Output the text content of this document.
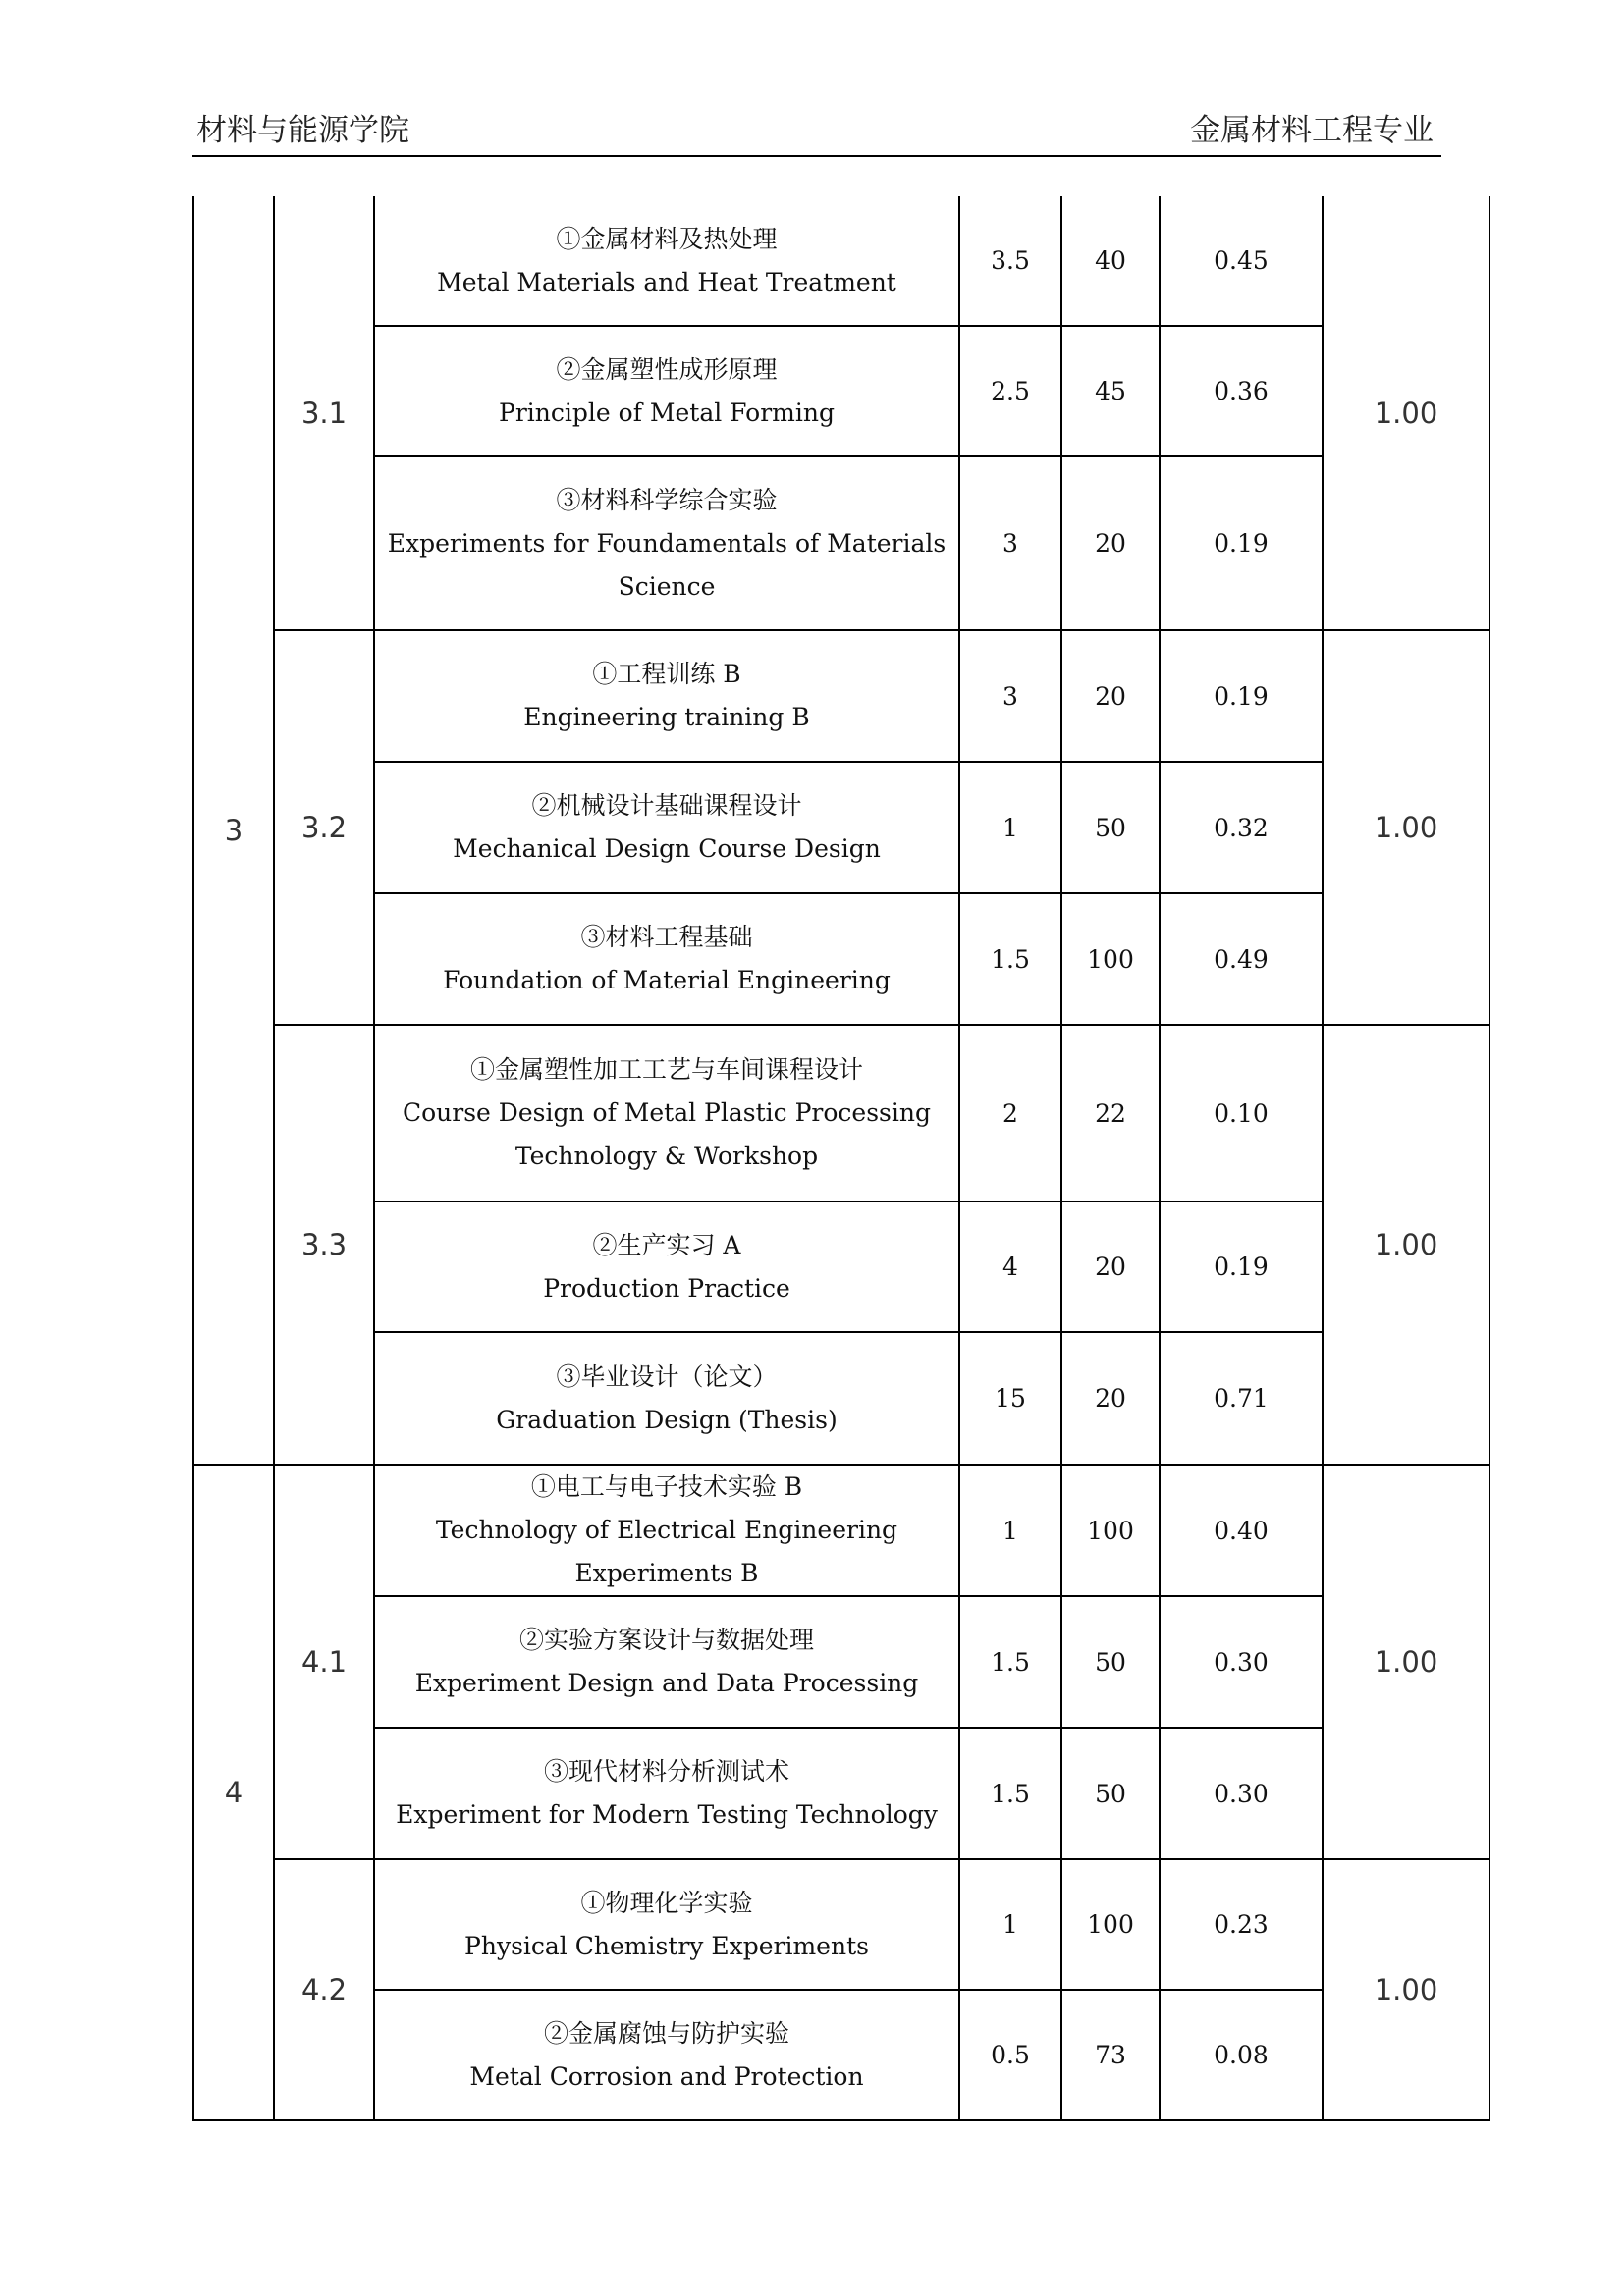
材料与能源学院	金属材料工程专业
3	3.1	①金属材料及热处理
Metal Materials and Heat Treatment	3.5	40	0.45	1.00

		②金属塑性成形原理
Principle of Metal Forming	2.5	45	0.36	

		③材料科学综合实验
Experiments for Foundamentals of Materials Science	3	20	0.19	
	3.2	①工程训练 B
Engineering training B	3	20	0.19	1.00

		②机械设计基础课程设计
Mechanical Design Course Design	1	50	0.32	

		③材料工程基础
Foundation of Material Engineering	1.5	100	0.49	
	3.3	①金属塑性加工工艺与车间课程设计
Course Design of Metal Plastic Processing Technology & Workshop	2	22	0.10	1.00

		②生产实习 A
Production Practice	4	20	0.19	

		③毕业设计（论文）
Graduation Design (Thesis)	15	20	0.71	
4	4.1	①电工与电子技术实验 B
Technology of Electrical Engineering Experiments B	1	100	0.40	1.00

		②实验方案设计与数据处理
Experiment Design and Data Processing	1.5	50	0.30	

		③现代材料分析测试术
Experiment for Modern Testing Technology	1.5	50	0.30	
	4.2	①物理化学实验
Physical Chemistry Experiments	1	100	0.23	1.00

		②金属腐蚀与防护实验
Metal Corrosion and Protection	0.5	73	0.08	
